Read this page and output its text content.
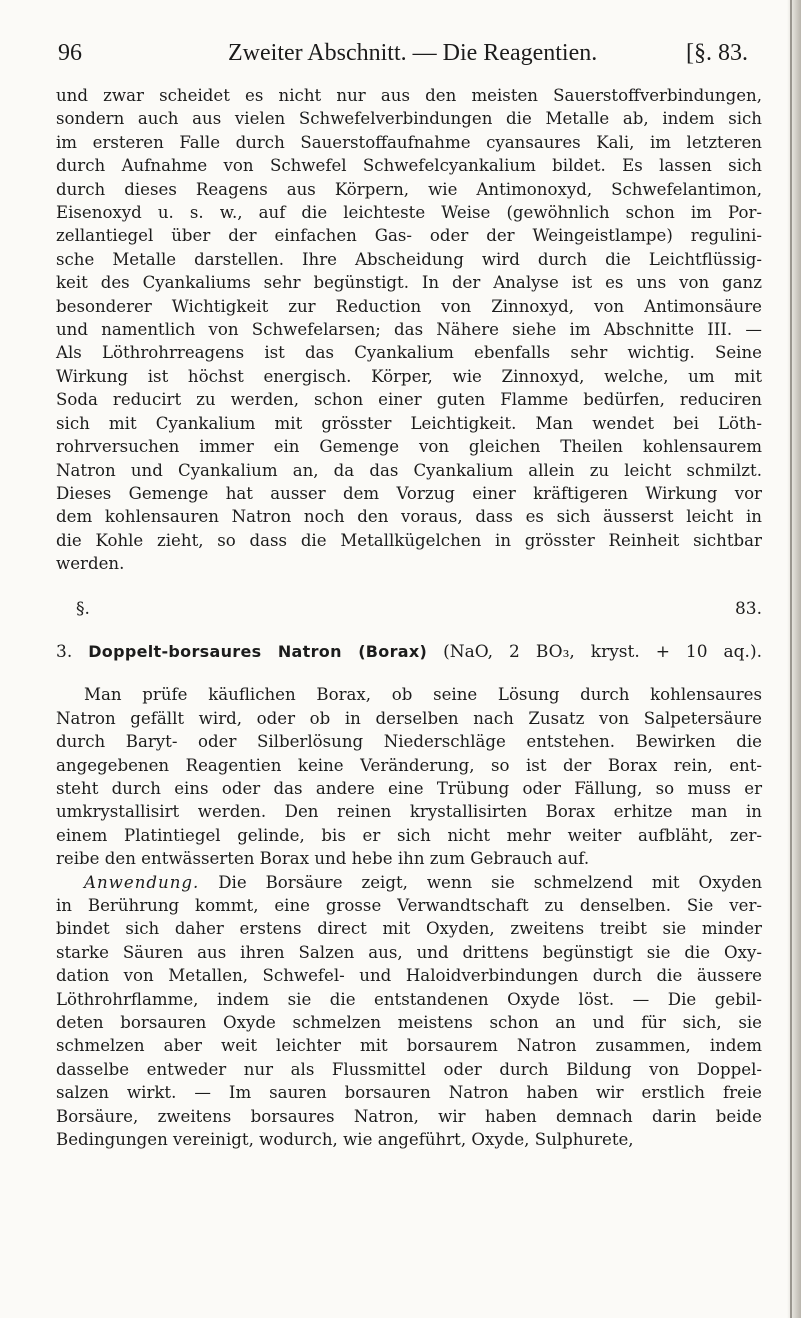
96	Zweiter Abschnitt. — Die Reagentien.	[§. 83.

und zwar scheidet es nicht nur aus den meisten Sauerstoffverbindungen,
sondern auch aus vielen Schwefelverbindungen die Metalle ab, indem sich
im ersteren Falle durch Sauerstoffaufnahme cyansaures Kali, im letzteren
durch Aufnahme von Schwefel Schwefelcyankalium bildet. Es lassen sich
durch dieses Reagens aus Körpern, wie Antimonoxyd, Schwefelantimon,
Eisenoxyd u. s. w., auf die leichteste Weise (gewöhnlich schon im Por-
zellantiegel über der einfachen Gas- oder der Weingeistlampe) regulini-
sche Metalle darstellen. Ihre Abscheidung wird durch die Leichtflüssig-
keit des Cyankaliums sehr begünstigt. In der Analyse ist es uns von ganz
besonderer Wichtigkeit zur Reduction von Zinnoxyd, von Antimonsäure
und namentlich von Schwefelarsen; das Nähere siehe im Abschnitte III. —
Als Löthrohrreagens ist das Cyankalium ebenfalls sehr wichtig. Seine
Wirkung ist höchst energisch. Körper, wie Zinnoxyd, welche, um mit
Soda reducirt zu werden, schon einer guten Flamme bedürfen, reduciren
sich mit Cyankalium mit grösster Leichtigkeit. Man wendet bei Löth-
rohrversuchen immer ein Gemenge von gleichen Theilen kohlensaurem
Natron und Cyankalium an, da das Cyankalium allein zu leicht schmilzt.
Dieses Gemenge hat ausser dem Vorzug einer kräftigeren Wirkung vor
dem kohlensauren Natron noch den voraus, dass es sich äusserst leicht in
die Kohle zieht, so dass die Metallkügelchen in grösster Reinheit sichtbar
werden.

§. 83.

3. Doppelt-borsaures Natron (Borax) (NaO, 2 BO₃, kryst. + 10 aq.).

Man prüfe käuflichen Borax, ob seine Lösung durch kohlensaures
Natron gefällt wird, oder ob in derselben nach Zusatz von Salpetersäure
durch Baryt- oder Silberlösung Niederschläge entstehen. Bewirken die
angegebenen Reagentien keine Veränderung, so ist der Borax rein, ent-
steht durch eins oder das andere eine Trübung oder Fällung, so muss er
umkrystallisirt werden. Den reinen krystallisirten Borax erhitze man in
einem Platintiegel gelinde, bis er sich nicht mehr weiter aufbläht, zer-
reibe den entwässerten Borax und hebe ihn zum Gebrauch auf.

Anwendung. Die Borsäure zeigt, wenn sie schmelzend mit Oxyden
in Berührung kommt, eine grosse Verwandtschaft zu denselben. Sie ver-
bindet sich daher erstens direct mit Oxyden, zweitens treibt sie minder
starke Säuren aus ihren Salzen aus, und drittens begünstigt sie die Oxy-
dation von Metallen, Schwefel- und Haloidverbindungen durch die äussere
Löthrohrflamme, indem sie die entstandenen Oxyde löst. — Die gebil-
deten borsauren Oxyde schmelzen meistens schon an und für sich, sie
schmelzen aber weit leichter mit borsaurem Natron zusammen, indem
dasselbe entweder nur als Flussmittel oder durch Bildung von Doppel-
salzen wirkt. — Im sauren borsauren Natron haben wir erstlich freie
Borsäure, zweitens borsaures Natron, wir haben demnach darin beide
Bedingungen vereinigt, wodurch, wie angeführt, Oxyde, Sulphurete,
